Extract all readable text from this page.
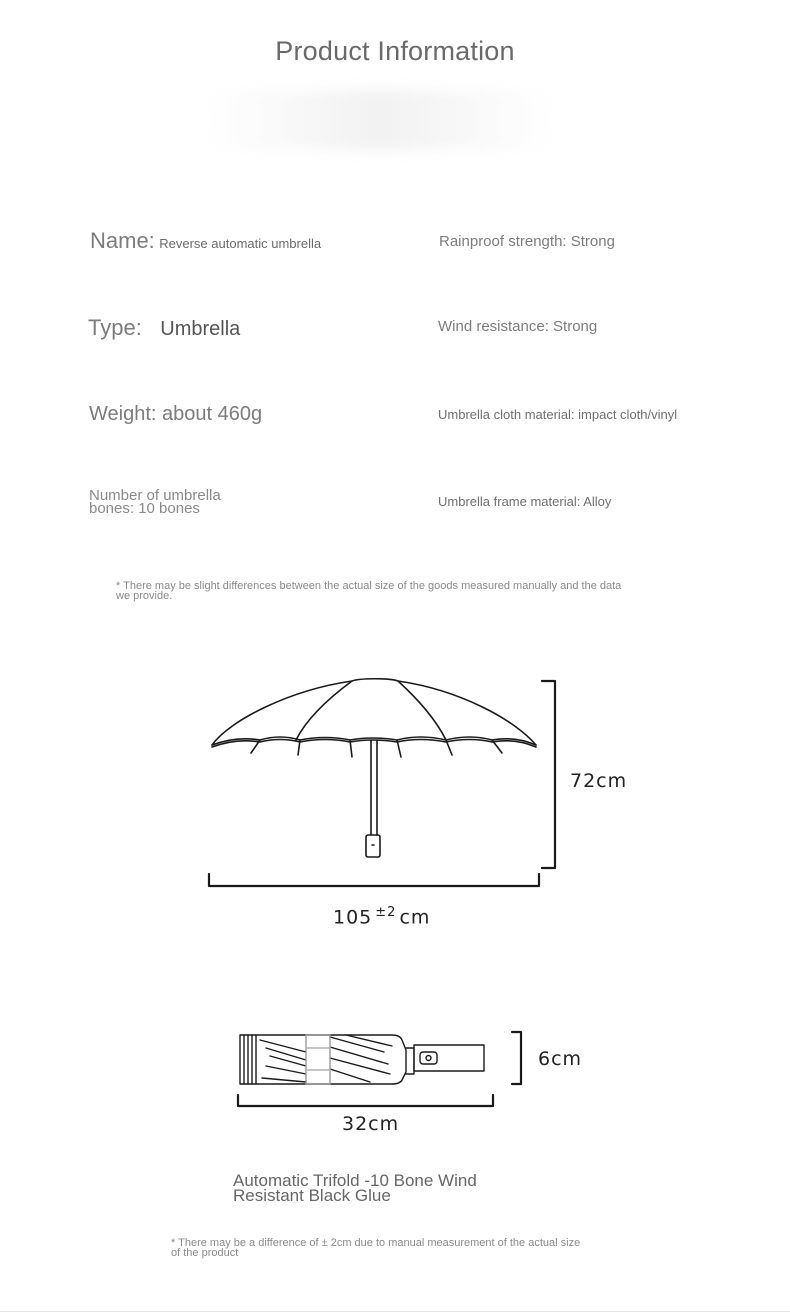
Product Information
Name: Reverse automatic umbrella
Type: Umbrella
Weight: about 460g
Number of umbrella
bones: 10 bones
Rainproof strength: Strong
Wind resistance: Strong
Umbrella cloth material: impact cloth/vinyl
Umbrella frame material: Alloy
* There may be slight differences between the actual size of the goods measured manually and the data
we provide.
72cm
105 $^{\pm 2}$ cm
6cm
32cm
Automatic Trifold -10 Bone Wind
Resistant Black Glue
* There may be a difference of ± 2cm due to manual measurement of the actual size
of the product
